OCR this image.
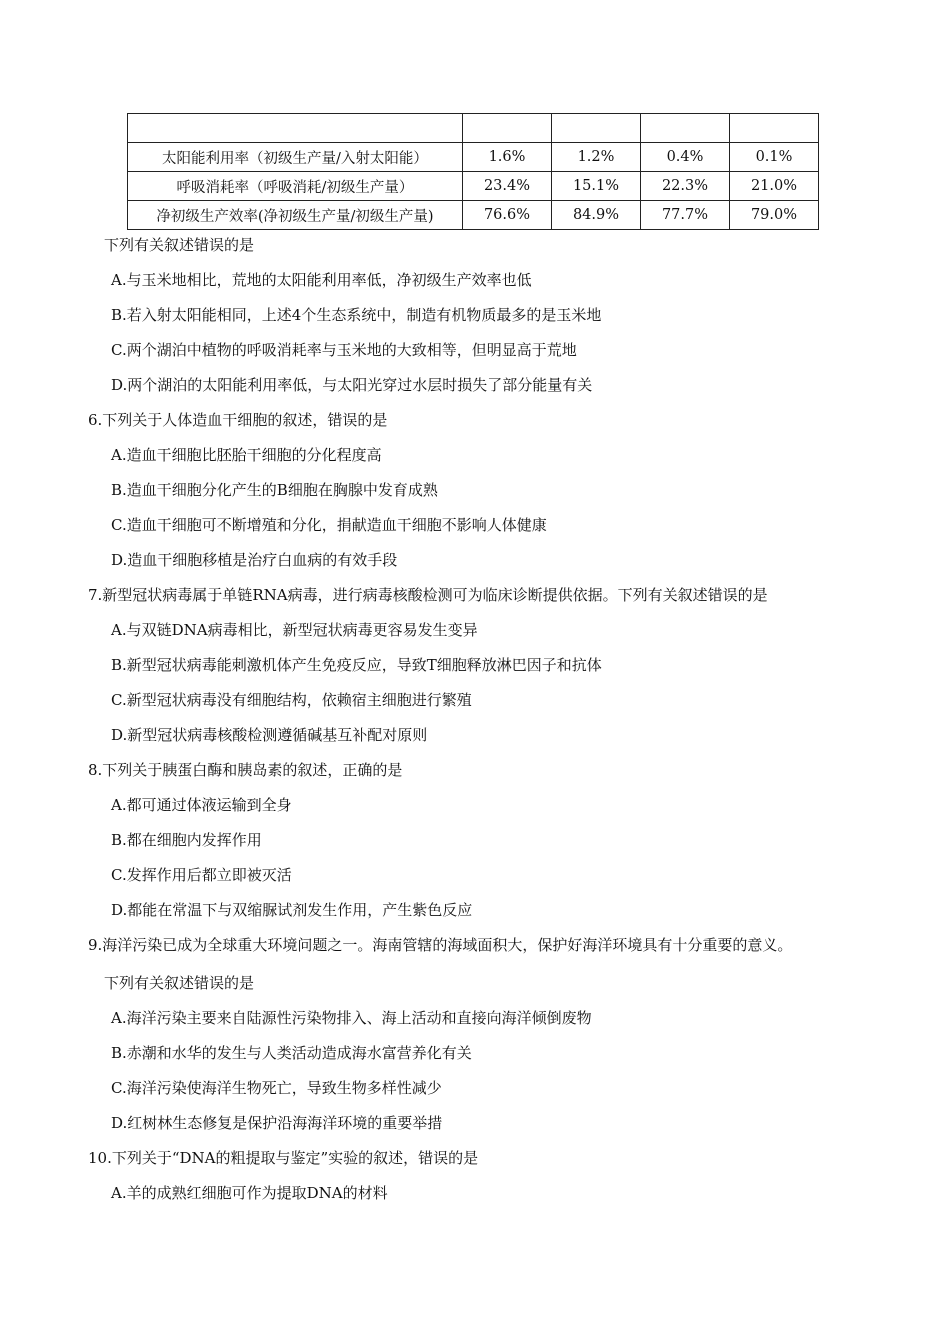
太阳能利用率（初级生产量/入射太阳能）	1.6%	1.2%	0.4%	0.1%
呼吸消耗率（呼吸消耗/初级生产量）	23.4%	15.1%	22.3%	21.0%
净初级生产效率(净初级生产量/初级生产量)	76.6%	84.9%	77.7%	79.0%
下列有关叙述错误的是
A.与玉米地相比，荒地的太阳能利用率低，净初级生产效率也低
B.若入射太阳能相同，上述4个生态系统中，制造有机物质最多的是玉米地
C.两个湖泊中植物的呼吸消耗率与玉米地的大致相等，但明显高于荒地
D.两个湖泊的太阳能利用率低，与太阳光穿过水层时损失了部分能量有关
6.下列关于人体造血干细胞的叙述，错误的是
A.造血干细胞比胚胎干细胞的分化程度高
B.造血干细胞分化产生的B细胞在胸腺中发育成熟
C.造血干细胞可不断增殖和分化，捐献造血干细胞不影响人体健康
D.造血干细胞移植是治疗白血病的有效手段
7.新型冠状病毒属于单链RNA病毒，进行病毒核酸检测可为临床诊断提供依据。下列有关叙述错误的是
A.与双链DNA病毒相比，新型冠状病毒更容易发生变异
B.新型冠状病毒能刺激机体产生免疫反应，导致T细胞释放淋巴因子和抗体
C.新型冠状病毒没有细胞结构，依赖宿主细胞进行繁殖
D.新型冠状病毒核酸检测遵循碱基互补配对原则
8.下列关于胰蛋白酶和胰岛素的叙述，正确的是
A.都可通过体液运输到全身
B.都在细胞内发挥作用
C.发挥作用后都立即被灭活
D.都能在常温下与双缩脲试剂发生作用，产生紫色反应
9.海洋污染已成为全球重大环境问题之一。海南管辖的海域面积大，保护好海洋环境具有十分重要的意义。
下列有关叙述错误的是
A.海洋污染主要来自陆源性污染物排入、海上活动和直接向海洋倾倒废物
B.赤潮和水华的发生与人类活动造成海水富营养化有关
C.海洋污染使海洋生物死亡，导致生物多样性减少
D.红树林生态修复是保护沿海海洋环境的重要举措
10.下列关于“DNA的粗提取与鉴定”实验的叙述，错误的是
A.羊的成熟红细胞可作为提取DNA的材料
